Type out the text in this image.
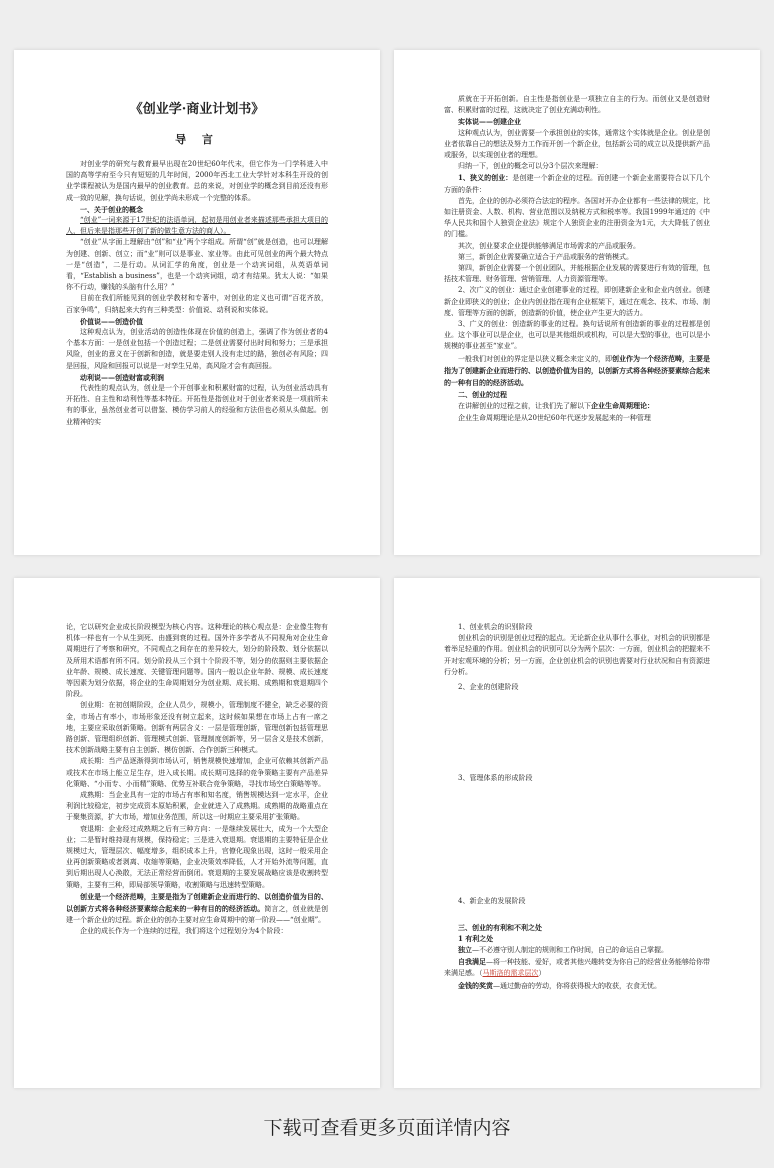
《创业学·商业计划书》
导 言

对创业学的研究与教育最早出现在20世纪60年代末，但它作为一门学科进入中国的高等学府至今只有短短的几年时间，2000年西北工业大学针对本科生开设的创业学课程被认为是国内最早的创业教育。总的来说，对创业学的概念到目前还没有形成一致的见解，换句话说，创业学尚未形成一个完整的体系。

一、关于创业的概念

“创业”一词来源于17世纪的法语单词，起初是用创业者来描述那些承担大项目的人，但后来是指那些开创了新的做生意方法的商人）。

“创业”从字面上理解由“创”和“业”两个字组成。所谓“创”就是创造，也可以理解为创建、创新、创立；而“业”则可以是事业、家业等。由此可见创业的两个最大特点一是“创造”，二是行动。从词汇学的角度，创业是一个动宾词组，从英语单词看，“Establish a business”，也是一个动宾词组，动才有结果。犹太人说：“如果你不行动，赚钱的头脑有什么用？”

目前在我们所能见到的创业学教材和专著中，对创业的定义也可谓“百花齐放，百家争鸣”，归纳起来大约有三种类型：价值说、动利说和实体说。

价值说——创造价值

这种观点认为，创业活动的创造性体现在价值的创造上，强调了作为创业者的4个基本方面：一是创业包括一个创造过程；二是创业需要付出时间和努力；三是承担风险，创业的意义在于创新和创造，就是要走别人没有走过的路，独创必有风险；四是回报，风险和回报可以说是一对孪生兄弟，高风险才会有高回报。

动利说——创造财富或利润

代表性的观点认为，创业是一个开创事业和积累财富的过程，认为创业活动具有开拓性、自主性和动利性等基本特征。开拓性是指创业对于创业者来说是一项前所未有的事业，虽然创业者可以借鉴、模仿学习前人的经验和方法但也必须从头做起。创业精神的实

质就在于开拓创新。自主性是指创业是一项独立自主的行为。而创业又是创造财富、积累财富的过程，这就决定了创业充满动利性。

实体说——创建企业

这种观点认为，创业需要一个承担创业的实体，通常这个实体就是企业。创业是创业者依靠自己的想法及努力工作而开创一个新企业，包括新公司的成立以及提供新产品或服务，以实现创业者的理想。

归纳一下，创业的概念可以分3个层次来理解：

1、狭义的创业：是创建一个新企业的过程。而创建一个新企业需要符合以下几个方面的条件：

首先，企业的创办必须符合法定的程序。各国对开办企业都有一些法律的规定，比如注册资金、人数、机构、营业范围以及纳税方式和税率等。我国1999年通过的《中华人民共和国个人独资企业法》规定个人独资企业的注册资金为1元，大大降低了创业的门槛。

其次，创业要求企业提供能够满足市场需求的产品或服务。

第三，新创企业需要确立适合于产品或服务的营销模式。

第四，新创企业需要一个创业团队，并能根据企业发展的需要进行有效的管理，包括技术管理、财务管理、营销管理、人力资源管理等。

2、次广义的创业：通过企业创建事业的过程，即创建新企业和企业内创业。创建新企业即狭义的创业；企业内创业指在现有企业框架下，通过在观念、技术、市场、制度、管理等方面的创新，创造新的价值，使企业产生更大的活力。

3、广义的创业：创造新的事业的过程。换句话说所有创造新的事业的过程都是创业。这个事业可以是企业，也可以是其他组织或机构，可以是大型的事业，也可以是小规模的事业甚至“家业”。

一般我们对创业的界定是以狭义概念来定义的，即创业作为一个经济范畴，主要是指为了创建新企业而进行的、以创造价值为目的，以创新方式将各种经济要素综合起来的一种有目的的经济活动。

二、创业的过程

在讲解创业的过程之前，让我们先了解以下企业生命周期理论：

企业生命周期理论是从20世纪60年代逐步发展起来的一种管理

论，它以研究企业成长阶段模型为核心内容。这种理论的核心观点是：企业像生物有机体一样也有一个从生到死、由盛到衰的过程。国外许多学者从不同视角对企业生命周期进行了考察和研究，不同观点之间存在的差异较大，划分的阶段数、划分依据以及所用术语都有所不同。划分阶段从三个到十个阶段不等，划分的依据则主要依据企业年龄、规模、成长速度、关键管理问题等。国内一般以企业年龄、规模、成长速度等因素为划分依据，将企业的生命周期划分为创业期、成长期、成熟期和衰退期四个阶段。

创业期：在初创期阶段，企业人员少，规模小，管理制度不健全，缺乏必要的资金，市场占有率小，市场形象还没有树立起来，这时候如果想在市场上占有一席之地，主要应采取创新策略。创新有两层含义：一层是管理创新，管理创新包括管理思路创新、管理组织创新、管理模式创新、管理制度创新等，另一层含义是技术创新，技术创新战略主要有自主创新、模仿创新、合作创新三种模式。

成长期：当产品逐渐得到市场认可，销售规模快速增加，企业可依赖其创新产品或技术在市场上能立足生存，进入成长期。成长期可选择的竞争策略主要有产品差异化策略、“小而专、小而精”策略、优势互补联合竞争策略，寻找市场空白策略等等。

成熟期：当企业具有一定的市场占有率和知名度，销售规模达到一定水平，企业利润比较稳定，初步完成资本原始积累，企业就进入了成熟期。成熟期的战略重点在于聚集资源，扩大市场，增加业务范围，所以这一时期应主要采用扩张策略。

衰退期：企业经过成熟期之后有三种方向：一是继续发展壮大，成为一个大型企业；二是暂时维持现有规模，保持稳定；三是进入衰退期。衰退期的主要特征是企业规模过大，管理层次、幅度增多，组织成本上升，官僚化现象出现，这时一般采用企业再创新策略或者剥离、收缩等策略，企业决策效率降低，人才开始外流等问题，直到后期出现人心涣散，无法正常经营而倒闭。衰退期的主要发展战略应该是收割转型策略，主要有三种，即局部领导策略，收割策略与迅速转型策略。

创业是一个经济范畴，主要是指为了创建新企业而进行的、以创造价值为目的、以创新方式将各种经济要素综合起来的一种有目的的经济活动。简言之，创业就是创建一个新企业的过程。新企业的创办主要对应生命周期中的第一阶段——“创业期”。

企业的成长作为一个连续的过程，我们将这个过程划分为4个阶段：

1、创业机会的识别阶段

创业机会的识别是创业过程的起点。无论新企业从事什么事业，对机会的识别都是着举足轻重的作用。创业机会的识别可以分为两个层次：一方面，创业机会的把握来不开对宏观环境的分析；另一方面，企业创业机会的识别也需要对行业状况和自有资源进行分析。

2、企业的创建阶段

3、管理体系的形成阶段

4、新企业的发展阶段

三、创业的有利和不利之处

1 有利之处

独立—不必遵守别人制定的规则和工作时间，自己的命运自己掌握。

自我满足—将一种技能、爱好，或者其他兴趣转变为你自己的经营业务能够给你带来满足感。（马斯洛的需求层次）

金钱的奖赏—通过勤奋的劳动，你将获得极大的收获，衣食无忧。

下载可查看更多页面详情内容
